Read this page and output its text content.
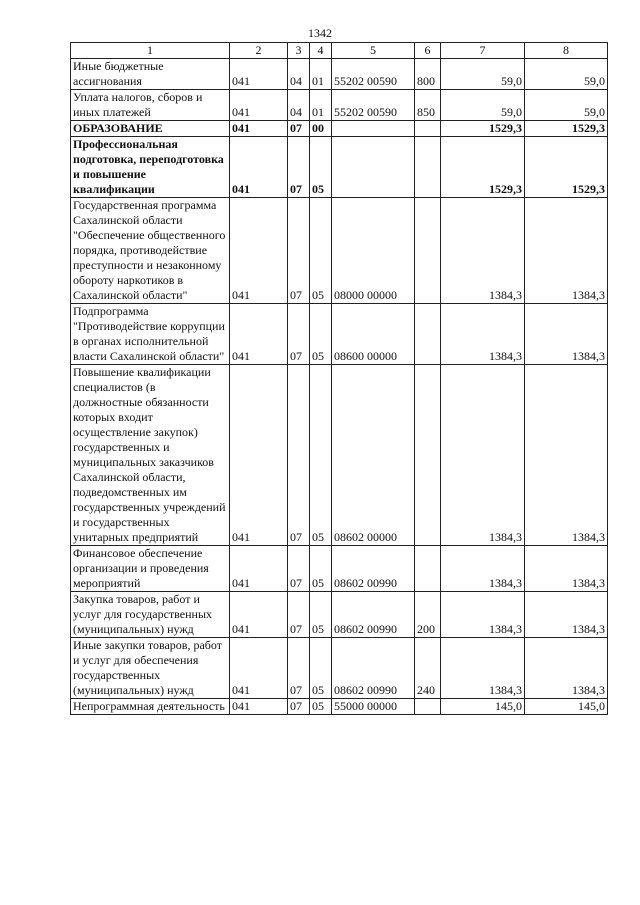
1342
1	2	3	4	5	6	7	8
Иные бюджетные ассигнования	041	04	01	55202 00590	800	59,0	59,0
Уплата налогов, сборов и иных платежей	041	04	01	55202 00590	850	59,0	59,0
ОБРАЗОВАНИЕ	041	07	00			1529,3	1529,3
Профессиональная подготовка, переподготовка и повышение квалификации	041	07	05			1529,3	1529,3
Государственная программа Сахалинской области "Обеспечение общественного порядка, противодействие преступности и незаконному обороту наркотиков в Сахалинской области"	041	07	05	08000 00000		1384,3	1384,3
Подпрограмма "Противодействие коррупции в органах исполнительной власти Сахалинской области"	041	07	05	08600 00000		1384,3	1384,3
Повышение квалификации специалистов (в должностные обязанности которых входит осуществление закупок) государственных и муниципальных заказчиков Сахалинской области, подведомственных им государственных учреждений и государственных унитарных предприятий	041	07	05	08602 00000		1384,3	1384,3
Финансовое обеспечение организации и проведения мероприятий	041	07	05	08602 00990		1384,3	1384,3
Закупка товаров, работ и услуг для государственных (муниципальных) нужд	041	07	05	08602 00990	200	1384,3	1384,3
Иные закупки товаров, работ и услуг для обеспечения государственных (муниципальных) нужд	041	07	05	08602 00990	240	1384,3	1384,3
Непрограммная деятельность	041	07	05	55000 00000		145,0	145,0
